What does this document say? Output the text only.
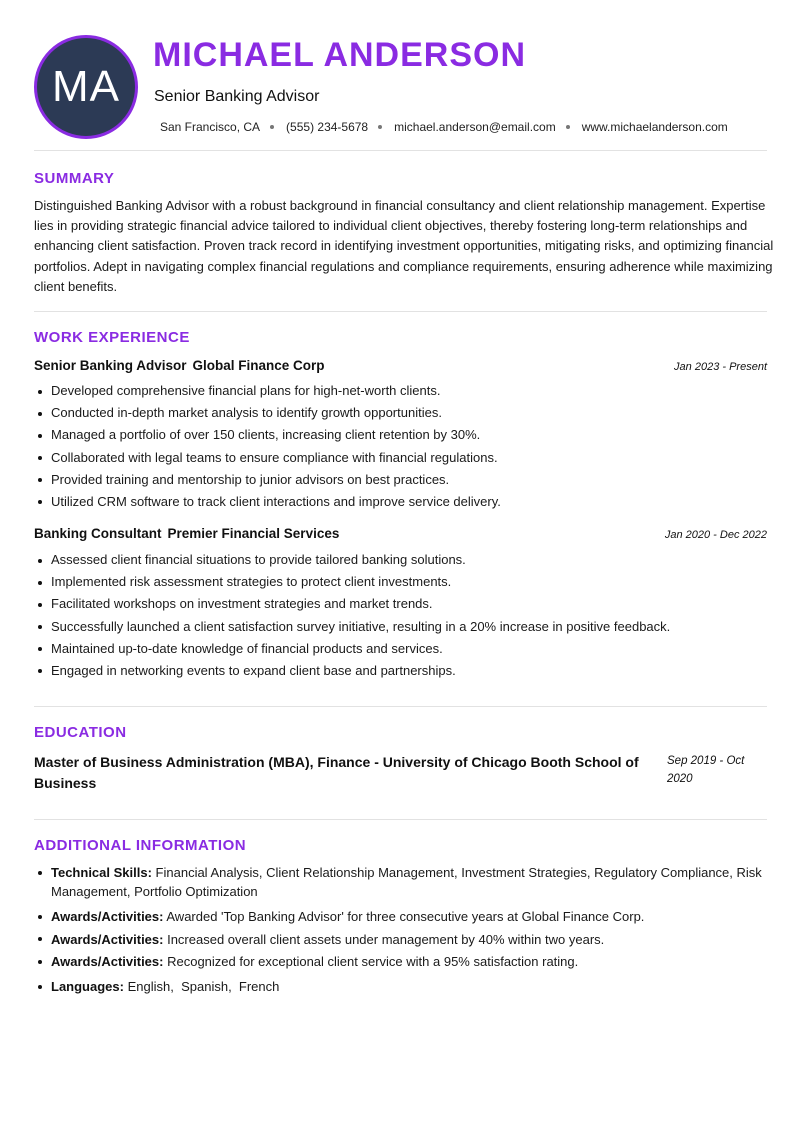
MA
MICHAEL ANDERSON
Senior Banking Advisor
San Francisco, CA (555) 234-5678 michael.anderson@email.com www.michaelanderson.com
SUMMARY

Distinguished Banking Advisor with a robust background in financial consultancy and client relationship management. Expertise lies in providing strategic financial advice tailored to individual client objectives, thereby fostering long-term relationships and enhancing client satisfaction. Proven track record in identifying investment opportunities, mitigating risks, and optimizing financial portfolios. Adept in navigating complex financial regulations and compliance requirements, ensuring adherence while maximizing client benefits.

WORK EXPERIENCE
Senior Banking Advisor Global Finance Corp	Jan 2023 - Present
Developed comprehensive financial plans for high-net-worth clients.
Conducted in-depth market analysis to identify growth opportunities.
Managed a portfolio of over 150 clients, increasing client retention by 30%.
Collaborated with legal teams to ensure compliance with financial regulations.
Provided training and mentorship to junior advisors on best practices.
Utilized CRM software to track client interactions and improve service delivery.
Banking Consultant Premier Financial Services	Jan 2020 - Dec 2022
Assessed client financial situations to provide tailored banking solutions.
Implemented risk assessment strategies to protect client investments.
Facilitated workshops on investment strategies and market trends.
Successfully launched a client satisfaction survey initiative, resulting in a 20% increase in positive feedback.
Maintained up-to-date knowledge of financial products and services.
Engaged in networking events to expand client base and partnerships.
EDUCATION
Master of Business Administration (MBA), Finance - University of Chicago Booth School of Business
Sep 2019 - Oct 2020
ADDITIONAL INFORMATION
Technical Skills: Financial Analysis, Client Relationship Management, Investment Strategies, Regulatory Compliance, Risk Management, Portfolio Optimization
Awards/Activities: Awarded 'Top Banking Advisor' for three consecutive years at Global Finance Corp.
Awards/Activities: Increased overall client assets under management by 40% within two years.
Awards/Activities: Recognized for exceptional client service with a 95% satisfaction rating.
Languages: English ,  Spanish ,  French
